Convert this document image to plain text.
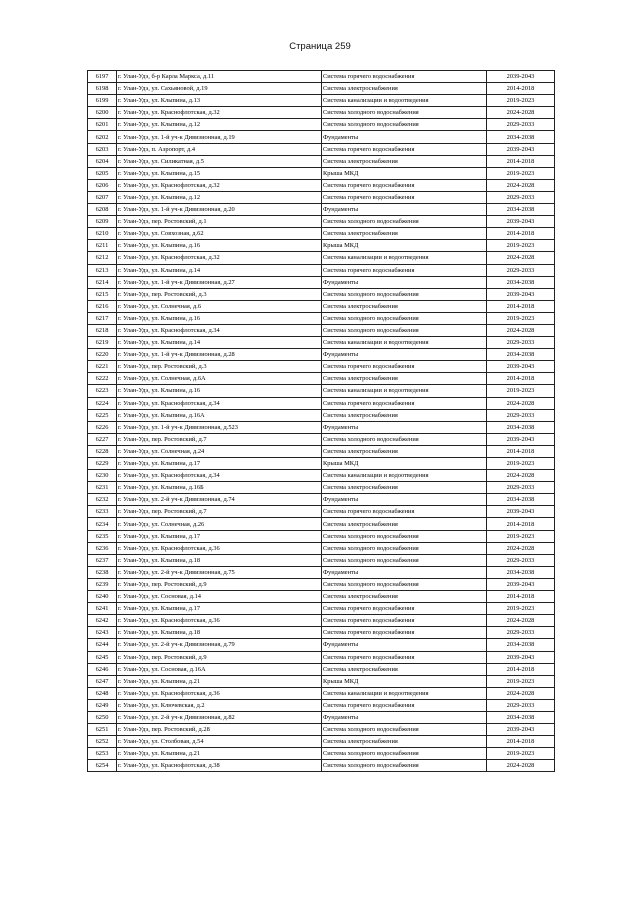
Страница 259
6197	г. Улан-Удэ, б-р Карла Маркса, д.11	Система горячего водоснабжения	2039-2043
6198	г. Улан-Удэ, ул. Сахьяновой, д.19	Система электроснабжения	2014-2018
6199	г. Улан-Удэ, ул. Клыпина, д.13	Система канализации и водоотведения	2019-2023
6200	г. Улан-Удэ, ул. Краснофлотская, д.32	Система холодного водоснабжения	2024-2028
6201	г. Улан-Удэ, ул. Клыпина, д.12	Система холодного водоснабжения	2029-2033
6202	г. Улан-Удэ, ул. 1-й уч-к Дивизионная, д.19	Фундаменты	2034-2038
6203	г. Улан-Удэ, п. Аэропорт, д.4	Система горячего водоснабжения	2039-2043
6204	г. Улан-Удэ, ул. Силикатная, д.5	Система электроснабжения	2014-2018
6205	г. Улан-Удэ, ул. Клыпина, д.15	Крыша МКД	2019-2023
6206	г. Улан-Удэ, ул. Краснофлотская, д.32	Система горячего водоснабжения	2024-2028
6207	г. Улан-Удэ, ул. Клыпина, д.12	Система горячего водоснабжения	2029-2033
6208	г. Улан-Удэ, ул. 1-й уч-к Дивизионная, д.20	Фундаменты	2034-2038
6209	г. Улан-Удэ, пер. Ростовский, д.1	Система холодного водоснабжения	2039-2043
6210	г. Улан-Удэ, ул. Совхозная, д.62	Система электроснабжения	2014-2018
6211	г. Улан-Удэ, ул. Клыпина, д.16	Крыша МКД	2019-2023
6212	г. Улан-Удэ, ул. Краснофлотская, д.32	Система канализации и водоотведения	2024-2028
6213	г. Улан-Удэ, ул. Клыпина, д.14	Система горячего водоснабжения	2029-2033
6214	г. Улан-Удэ, ул. 1-й уч-к Дивизионная, д.27	Фундаменты	2034-2038
6215	г. Улан-Удэ, пер. Ростовский, д.3	Система холодного водоснабжения	2039-2043
6216	г. Улан-Удэ, ул. Солнечная, д.6	Система электроснабжения	2014-2018
6217	г. Улан-Удэ, ул. Клыпина, д.16	Система холодного водоснабжения	2019-2023
6218	г. Улан-Удэ, ул. Краснофлотская, д.34	Система холодного водоснабжения	2024-2028
6219	г. Улан-Удэ, ул. Клыпина, д.14	Система канализации и водоотведения	2029-2033
6220	г. Улан-Удэ, ул. 1-й уч-к Дивизионная, д.28	Фундаменты	2034-2038
6221	г. Улан-Удэ, пер. Ростовский, д.3	Система горячего водоснабжения	2039-2043
6222	г. Улан-Удэ, ул. Солнечная, д.6А	Система электроснабжения	2014-2018
6223	г. Улан-Удэ, ул. Клыпина, д.16	Система канализации и водоотведения	2019-2023
6224	г. Улан-Удэ, ул. Краснофлотская, д.34	Система горячего водоснабжения	2024-2028
6225	г. Улан-Удэ, ул. Клыпина, д.16А	Система электроснабжения	2029-2033
6226	г. Улан-Удэ, ул. 1-й уч-к Дивизионная, д.523	Фундаменты	2034-2038
6227	г. Улан-Удэ, пер. Ростовский, д.7	Система холодного водоснабжения	2039-2043
6228	г. Улан-Удэ, ул. Солнечная, д.24	Система электроснабжения	2014-2018
6229	г. Улан-Удэ, ул. Клыпина, д.17	Крыша МКД	2019-2023
6230	г. Улан-Удэ, ул. Краснофлотская, д.34	Система канализации и водоотведения	2024-2028
6231	г. Улан-Удэ, ул. Клыпина, д.16Б	Система электроснабжения	2029-2033
6232	г. Улан-Удэ, ул. 2-й уч-к Дивизионная, д.74	Фундаменты	2034-2038
6233	г. Улан-Удэ, пер. Ростовский, д.7	Система горячего водоснабжения	2039-2043
6234	г. Улан-Удэ, ул. Солнечная, д.26	Система электроснабжения	2014-2018
6235	г. Улан-Удэ, ул. Клыпина, д.17	Система холодного водоснабжения	2019-2023
6236	г. Улан-Удэ, ул. Краснофлотская, д.36	Система холодного водоснабжения	2024-2028
6237	г. Улан-Удэ, ул. Клыпина, д.18	Система холодного водоснабжения	2029-2033
6238	г. Улан-Удэ, ул. 2-й уч-к Дивизионная, д.75	Фундаменты	2034-2038
6239	г. Улан-Удэ, пер. Ростовский, д.9	Система холодного водоснабжения	2039-2043
6240	г. Улан-Удэ, ул. Сосновая, д.14	Система электроснабжения	2014-2018
6241	г. Улан-Удэ, ул. Клыпина, д.17	Система горячего водоснабжения	2019-2023
6242	г. Улан-Удэ, ул. Краснофлотская, д.36	Система горячего водоснабжения	2024-2028
6243	г. Улан-Удэ, ул. Клыпина, д.18	Система горячего водоснабжения	2029-2033
6244	г. Улан-Удэ, ул. 2-й уч-к Дивизионная, д.79	Фундаменты	2034-2038
6245	г. Улан-Удэ, пер. Ростовский, д.9	Система горячего водоснабжения	2039-2043
6246	г. Улан-Удэ, ул. Сосновая, д.16А	Система электроснабжения	2014-2018
6247	г. Улан-Удэ, ул. Клыпина, д.21	Крыша МКД	2019-2023
6248	г. Улан-Удэ, ул. Краснофлотская, д.36	Система канализации и водоотведения	2024-2028
6249	г. Улан-Удэ, ул. Ключевская, д.2	Система горячего водоснабжения	2029-2033
6250	г. Улан-Удэ, ул. 2-й уч-к Дивизионная, д.82	Фундаменты	2034-2038
6251	г. Улан-Удэ, пер. Ростовский, д.28	Система холодного водоснабжения	2039-2043
6252	г. Улан-Удэ, ул. Столбовая, д.54	Система электроснабжения	2014-2018
6253	г. Улан-Удэ, ул. Клыпина, д.21	Система холодного водоснабжения	2019-2023
6254	г. Улан-Удэ, ул. Краснофлотская, д.38	Система холодного водоснабжения	2024-2028
